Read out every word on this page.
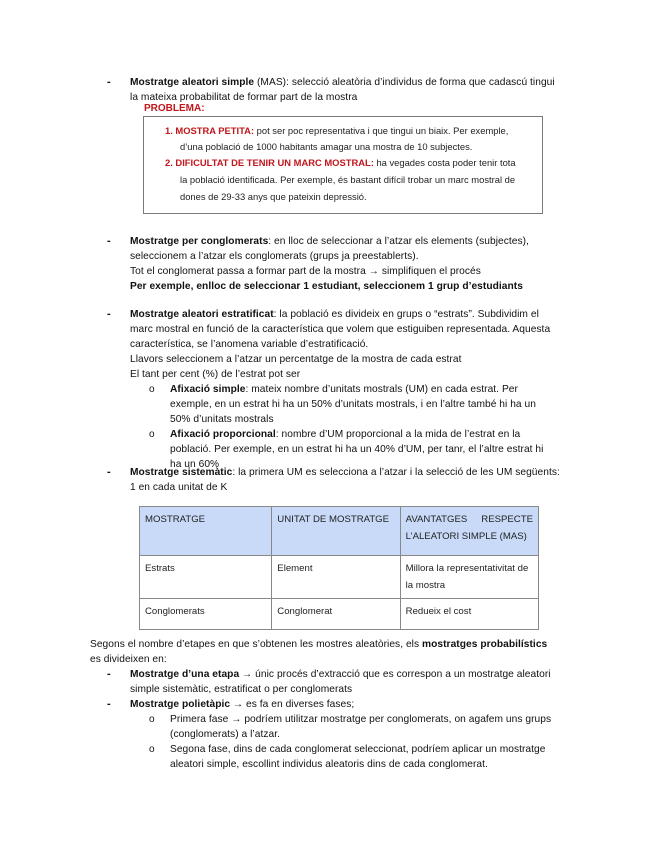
- Mostratge aleatori simple (MAS): selecció aleatòria d’individus de forma que cadascú tingui
la mateixa probabilitat de formar part de la mostra
PROBLEMA:
1. MOSTRA PETITA: pot ser poc representativa i que tingui un biaix. Per exemple,
d’una població de 1000 habitants amagar una mostra de 10 subjectes.
2. DIFICULTAT DE TENIR UN MARC MOSTRAL: ha vegades costa poder tenir tota
la població identificada. Per exemple, és bastant difícil trobar un marc mostral de
dones de 29-33 anys que pateixin depressió.
- Mostratge per conglomerats: en lloc de seleccionar a l’atzar els elements (subjectes),
seleccionem a l’atzar els conglomerats (grups ja preestablerts).
Tot el conglomerat passa a formar part de la mostra → simplifiquen el procés
Per exemple, enlloc de seleccionar 1 estudiant, seleccionem 1 grup d’estudiants
- Mostratge aleatori estratificat: la població es divideix en grups o “estrats”. Subdividim el
marc mostral en funció de la característica que volem que estiguiben representada. Aquesta
característica, se l’anomena variable d’estratificació.
Llavors seleccionem a l’atzar un percentatge de la mostra de cada estrat
El tant per cent (%) de l’estrat pot ser
o Afixació simple: mateix nombre d’unitats mostrals (UM) en cada estrat. Per
exemple, en un estrat hi ha un 50% d’unitats mostrals, i en l’altre també hi ha un
50% d’unitats mostrals
o Afixació proporcional: nombre d’UM proporcional a la mida de l’estrat en la
població. Per exemple, en un estrat hi ha un 40% d’UM, per tanr, el l’altre estrat hi
ha un 60%
- Mostratge sistemàtic: la primera UM es selecciona a l’atzar i la selecció de les UM següents:
1 en cada unitat de K
MOSTRATGE	UNITAT DE MOSTRATGE	AVANTATGES RESPECTE L’ALEATORI SIMPLE (MAS)
Estrats	Element	Millora la representativitat de la mostra
Conglomerats	Conglomerat	Redueix el cost
Segons el nombre d’etapes en que s’obtenen les mostres aleatòries, els mostratges probabilístics
es divideixen en:
- Mostratge d’una etapa → únic procés d’extracció que es correspon a un mostratge aleatori
simple sistemàtic, estratificat o per conglomerats
- Mostratge polietàpic → es fa en diverses fases;
o Primera fase → podríem utilitzar mostratge per conglomerats, on agafem uns grups
(conglomerats) a l’atzar.
o Segona fase, dins de cada conglomerat seleccionat, podríem aplicar un mostratge
aleatori simple, escollint individus aleatoris dins de cada conglomerat.
